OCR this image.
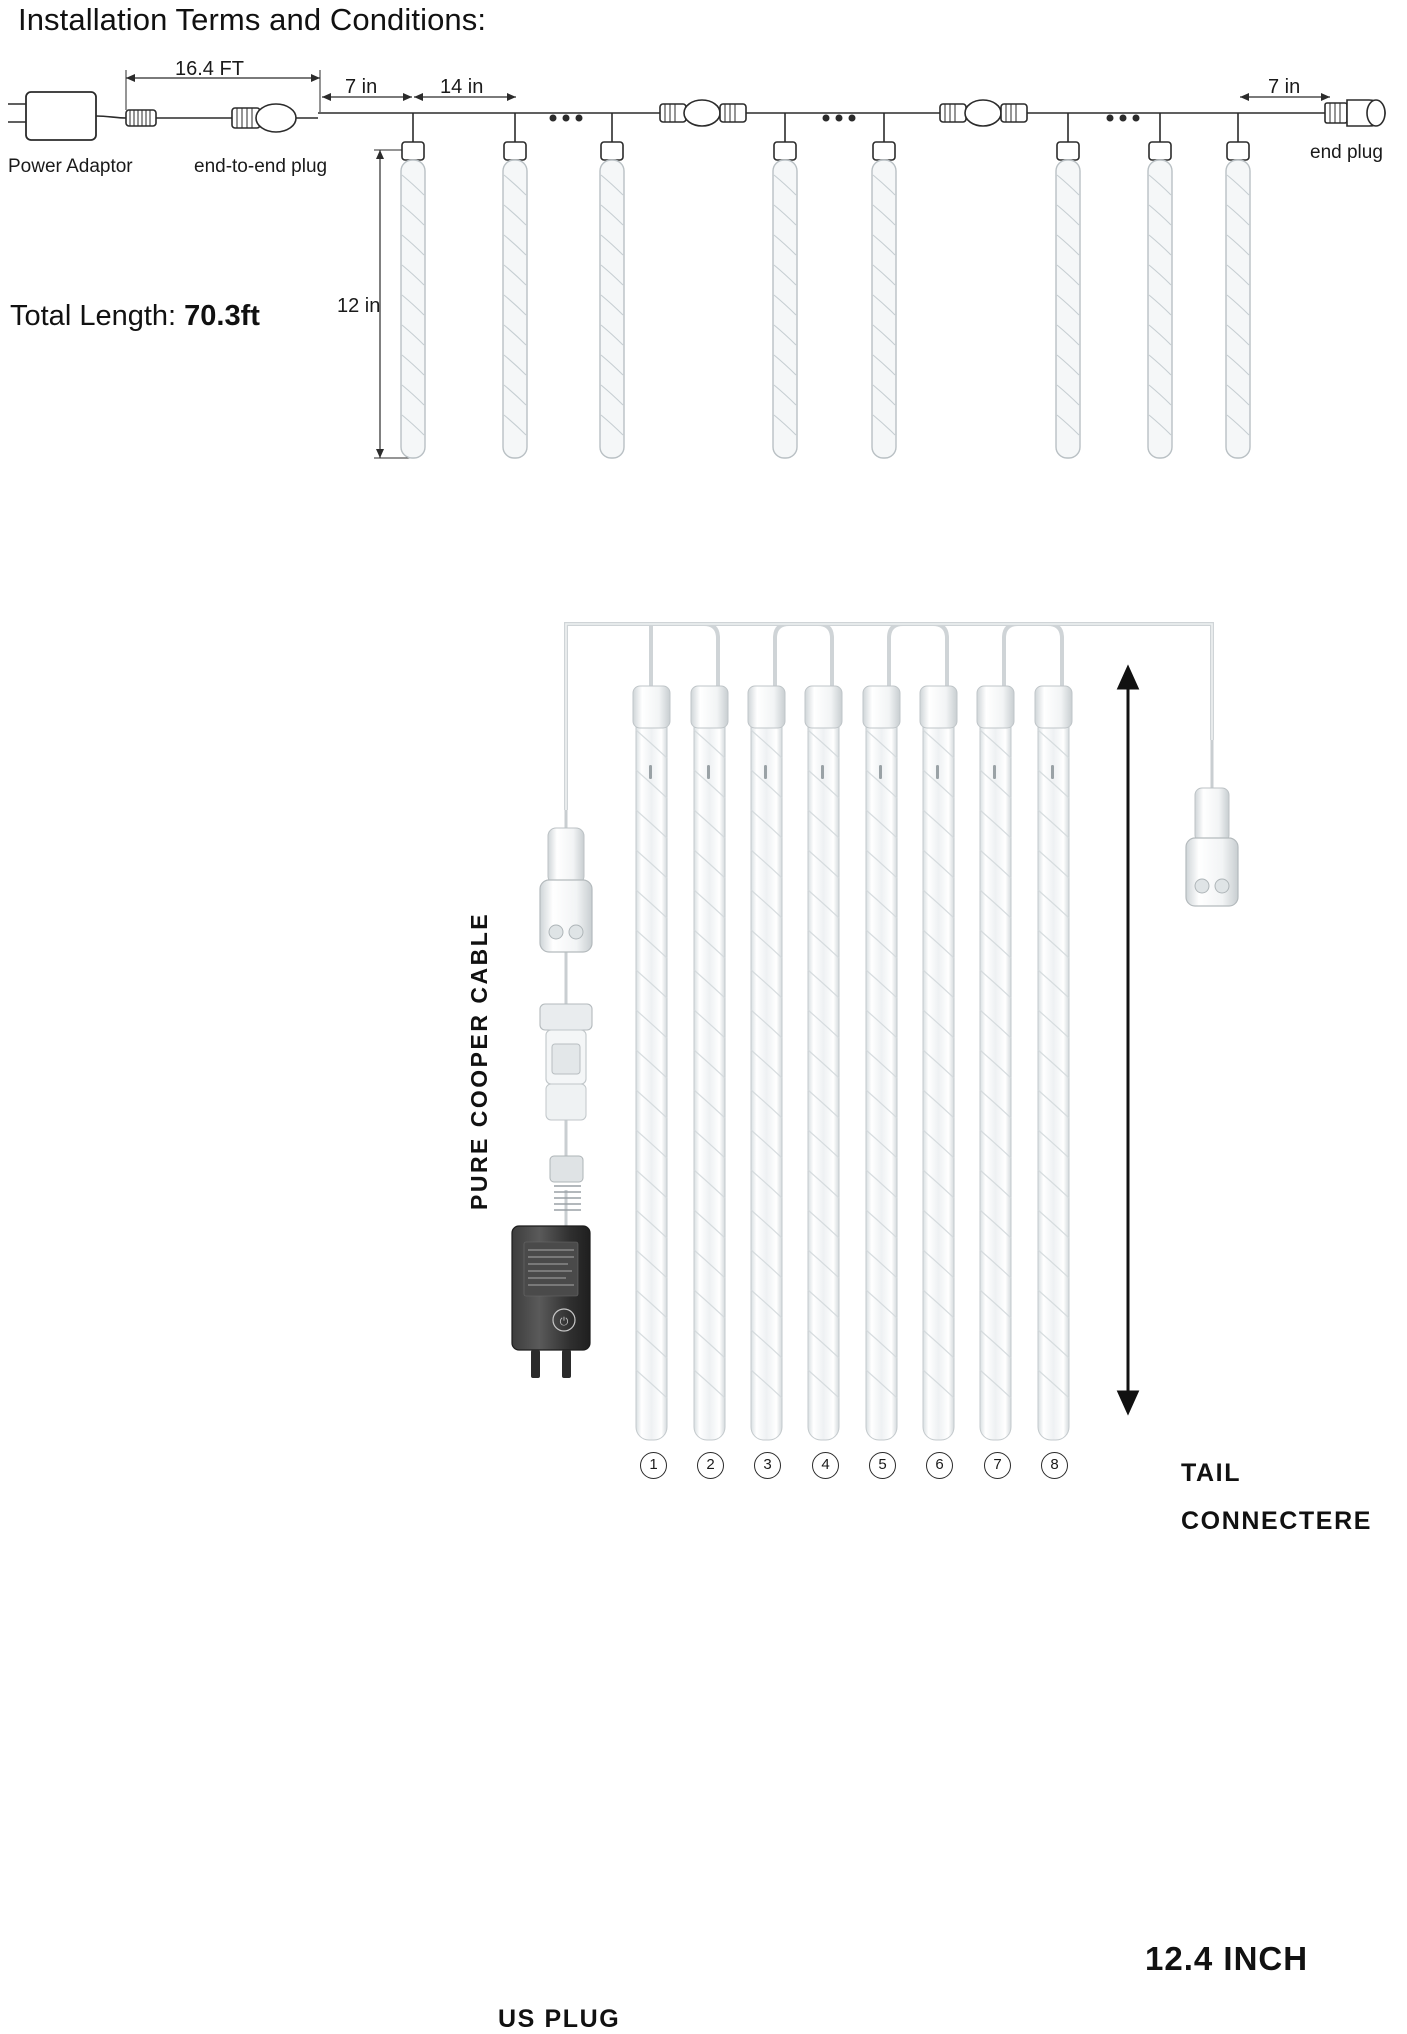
Installation Terms and Conditions:
Total Length: 70.3ft
16.4 FT
7 in	14 in	7 in
12 in
Power Adaptor	end-to-end plug
end plug
⏻
PURE COOPER CABLE
TAIL
CONNECTERE
US PLUG
12.4 INCH
1	2	3	4	5	6	7	8
